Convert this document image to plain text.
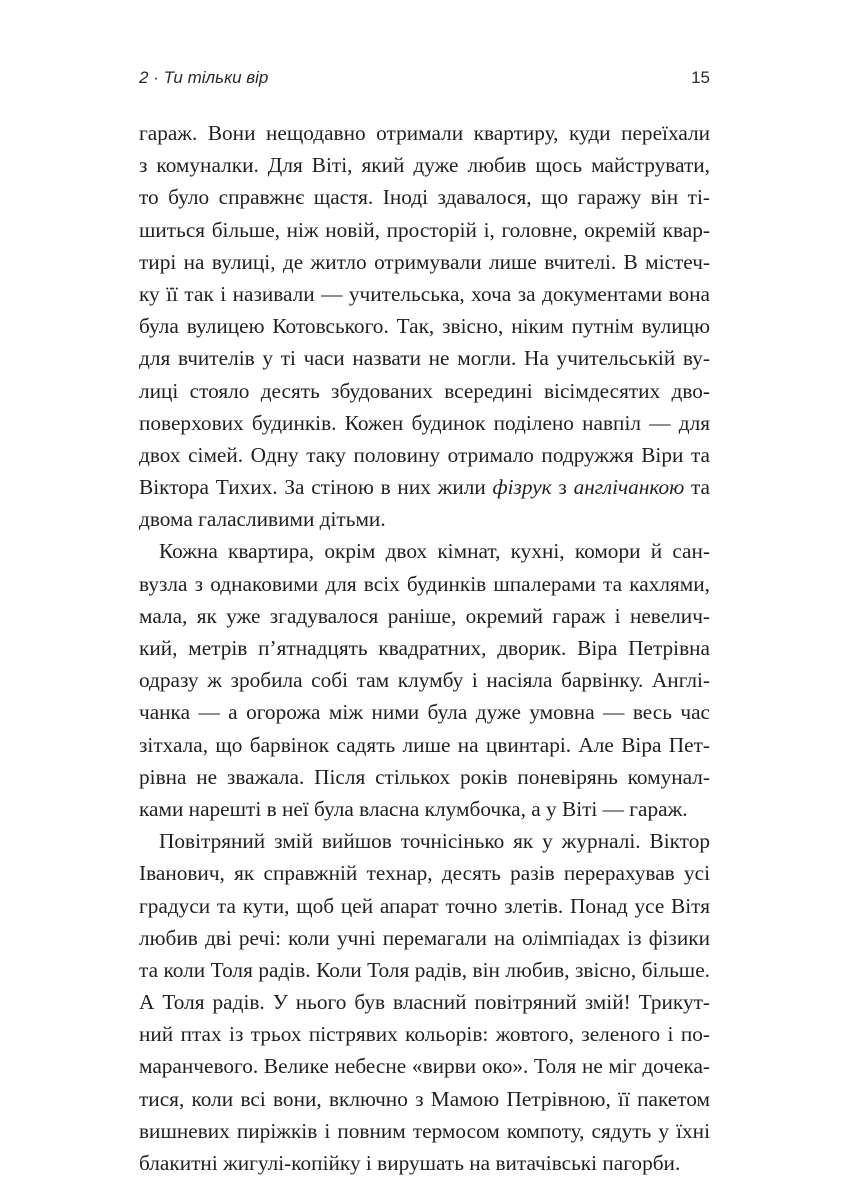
2 · Ти тільки вір	15
гараж. Вони нещодавно отримали квартиру, куди переїхали
з комуналки. Для Віті, який дуже любив щось майструвати,
то було справжнє щастя. Іноді здавалося, що гаражу він ті-
шиться більше, ніж новій, просторій і, головне, окремій квар-
тирі на вулиці, де житло отримували лише вчителі. В містеч-
ку її так і називали — учительська, хоча за документами вона
була вулицею Котовського. Так, звісно, ніким путнім вулицю
для вчителів у ті часи назвати не могли. На учительській ву-
лиці стояло десять збудованих всередині вісімдесятих дво-
поверхових будинків. Кожен будинок поділено навпіл — для
двох сімей. Одну таку половину отримало подружжя Віри та
Віктора Тихих. За стіною в них жили фізрук з англічанкою та
двома галасливими дітьми.
Кожна квартира, окрім двох кімнат, кухні, комори й сан-
вузла з однаковими для всіх будинків шпалерами та кахлями,
мала, як уже згадувалося раніше, окремий гараж і невелич-
кий, метрів п’ятнадцять квадратних, дворик. Віра Петрівна
одразу ж зробила собі там клумбу і насіяла барвінку. Англі-
чанка — а огорожа між ними була дуже умовна — весь час
зітхала, що барвінок садять лише на цвинтарі. Але Віра Пет-
рівна не зважала. Після стількох років поневірянь комунал-
ками нарешті в неї була власна клумбочка, а у Віті — гараж.
Повітряний змій вийшов точнісінько як у журналі. Віктор
Іванович, як справжній технар, десять разів перерахував усі
градуси та кути, щоб цей апарат точно злетів. Понад усе Вітя
любив дві речі: коли учні перемагали на олімпіадах із фізики
та коли Толя радів. Коли Толя радів, він любив, звісно, більше.
А Толя радів. У нього був власний повітряний змій! Трикут-
ний птах із трьох пістрявих кольорів: жовтого, зеленого і по-
маранчевого. Велике небесне «вирви око». Толя не міг дочека-
тися, коли всі вони, включно з Мамою Петрівною, її пакетом
вишневих пиріжків і повним термосом компоту, сядуть у їхні
блакитні жигулі-копійку і вирушать на витачівські пагорби.
